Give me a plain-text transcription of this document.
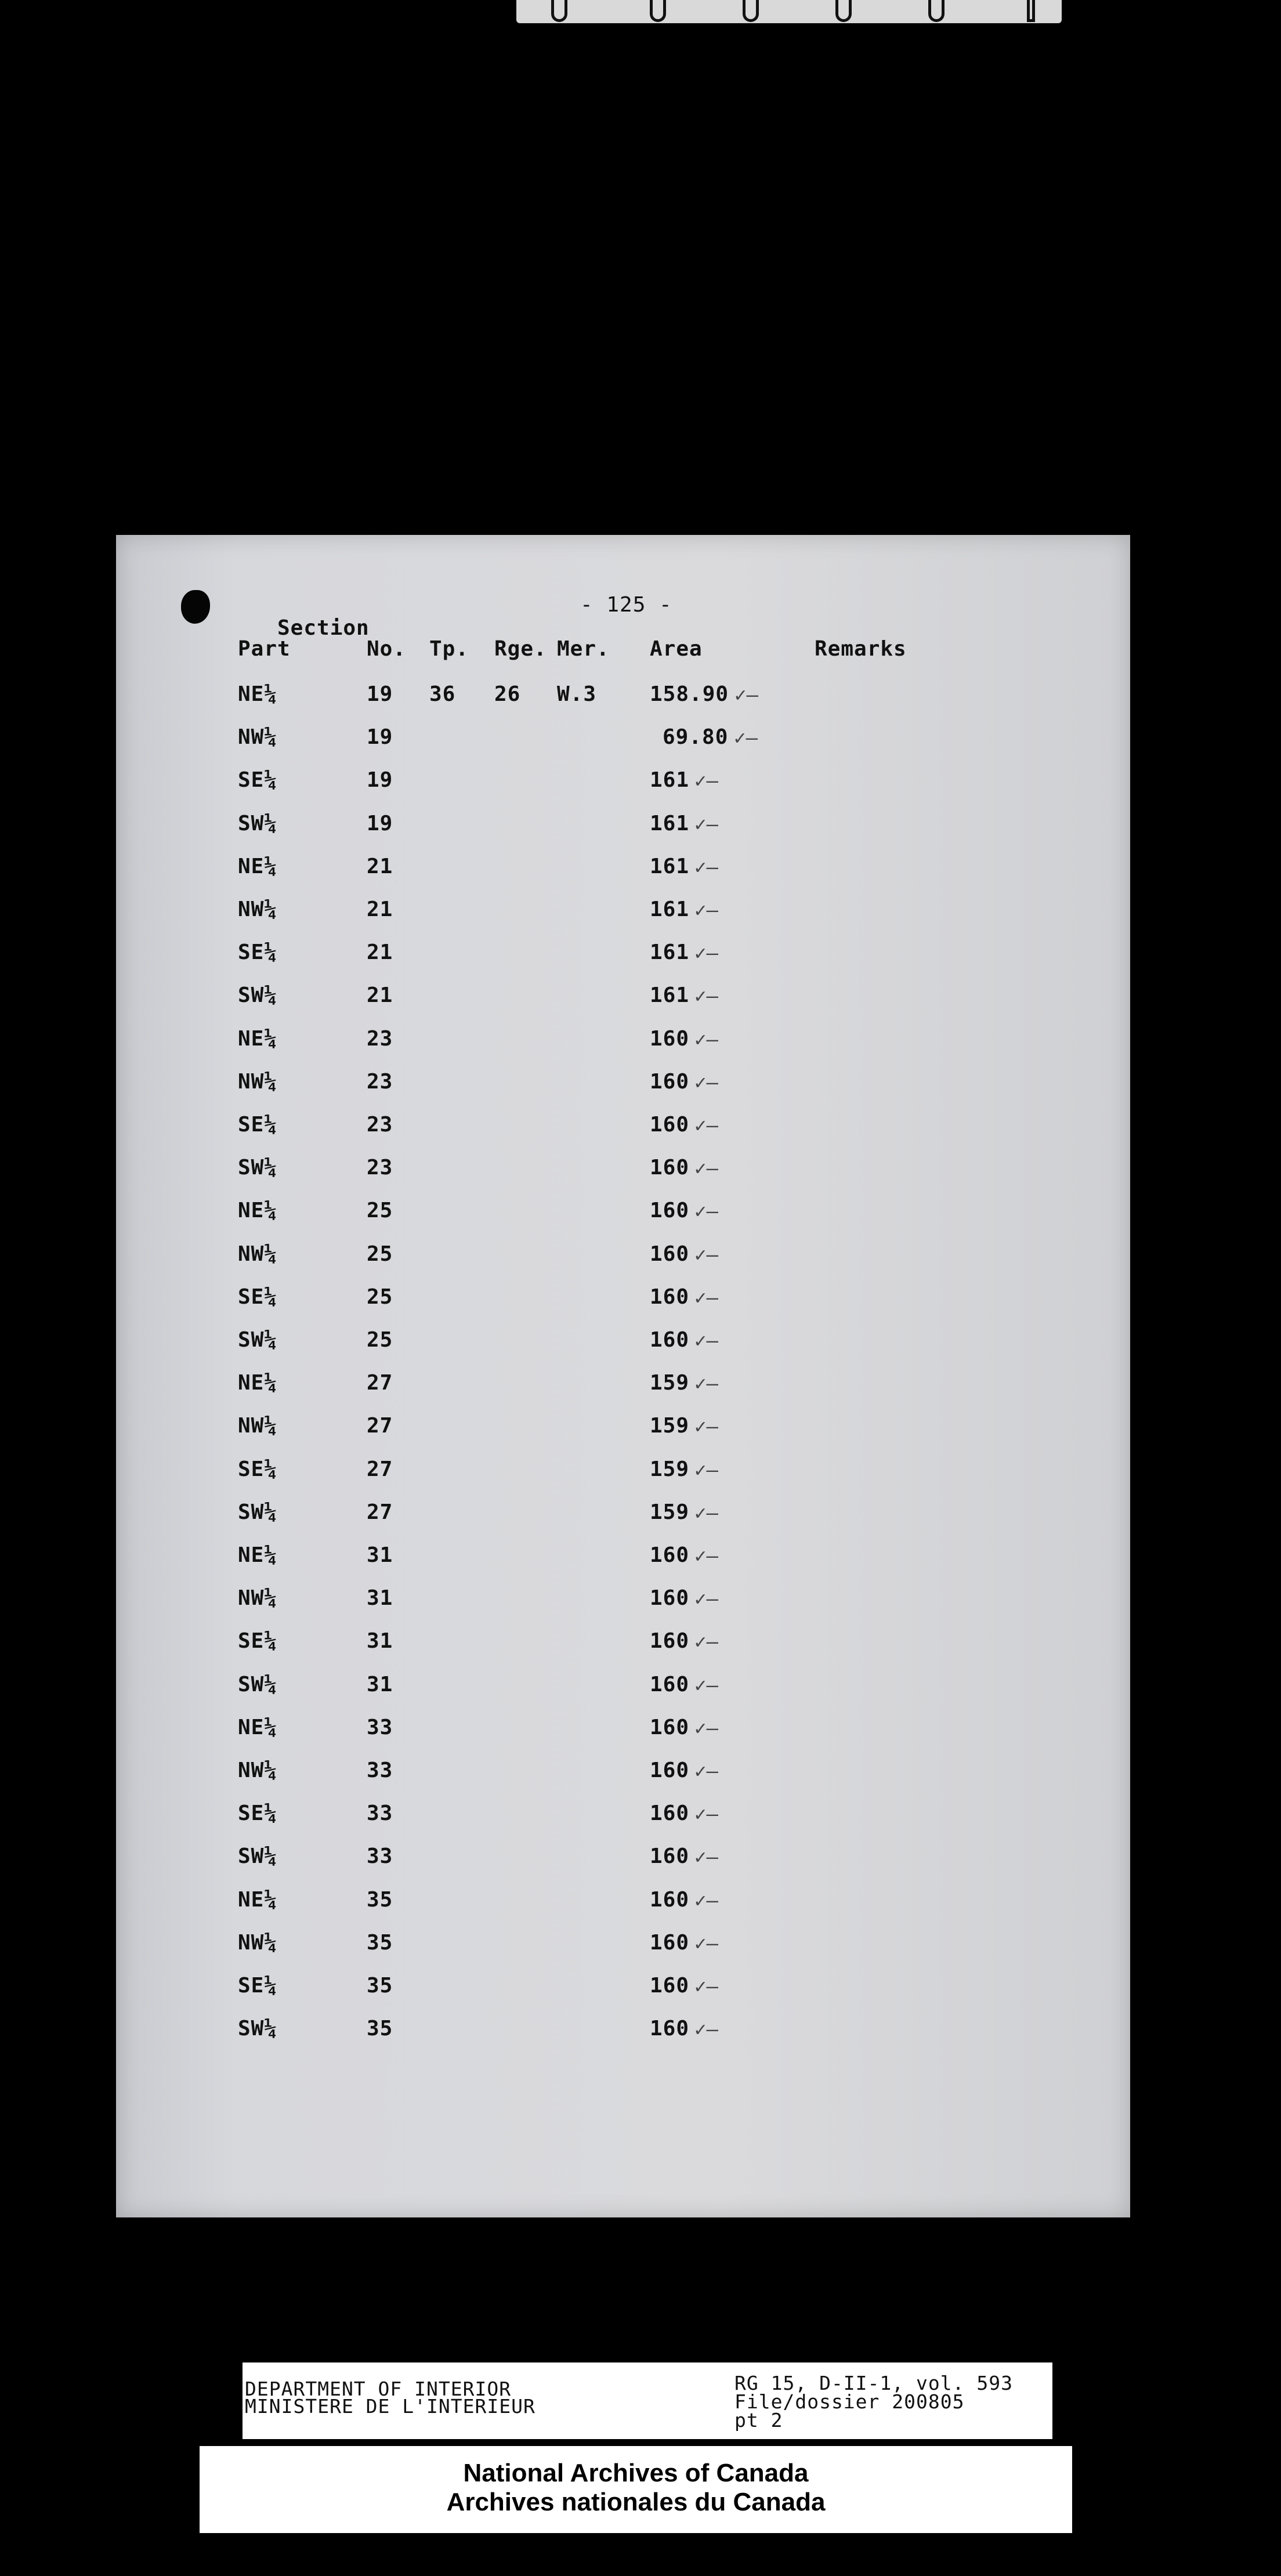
- 125 -
Section
Part	No. Tp. Rge. Mer. Area	Remarks
NE¼	19 36 26 W.3	158.90 ✓—
NW¼	19	69.80 ✓—
SE¼	19	161 ✓—
SW¼	19	161 ✓—
NE¼	21	161 ✓—
NW¼	21	161 ✓—
SE¼	21	161 ✓—
SW¼	21	161 ✓—
NE¼	23	160 ✓—
NW¼	23	160 ✓—
SE¼	23	160 ✓—
SW¼	23	160 ✓—
NE¼	25	160 ✓—
NW¼	25	160 ✓—
SE¼	25	160 ✓—
SW¼	25	160 ✓—
NE¼	27	159 ✓—
NW¼	27	159 ✓—
SE¼	27	159 ✓—
SW¼	27	159 ✓—
NE¼	31	160 ✓—
NW¼	31	160 ✓—
SE¼	31	160 ✓—
SW¼	31	160 ✓—
NE¼	33	160 ✓—
NW¼	33	160 ✓—
SE¼	33	160 ✓—
SW¼	33	160 ✓—
NE¼	35	160 ✓—
NW¼	35	160 ✓—
SE¼	35	160 ✓—
SW¼	35	160 ✓—
DEPARTMENT OF INTERIOR
MINISTERE DE L'INTERIEUR
RG 15, D-II-1, vol. 593
File/dossier 200805
pt 2
National Archives of Canada
Archives nationales du Canada
